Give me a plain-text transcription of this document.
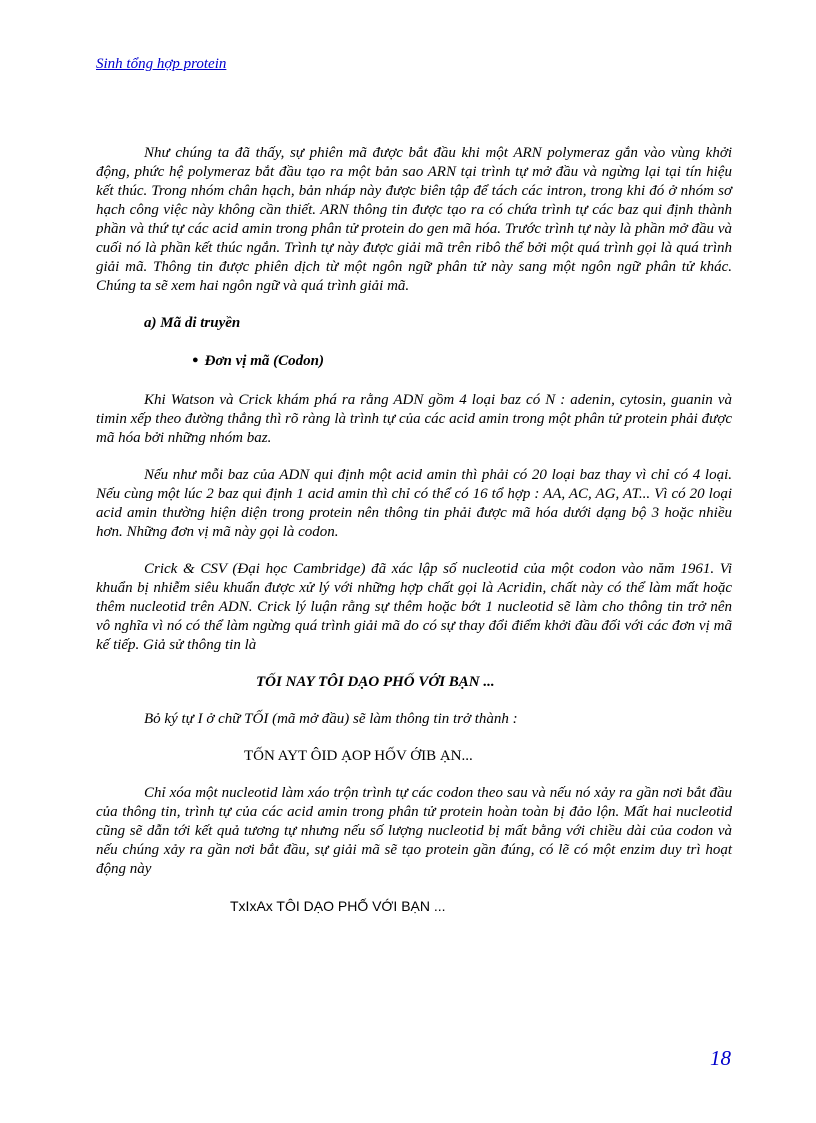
Sinh tổng hợp protein

Như chúng ta đã thấy, sự phiên mã được bắt đầu khi một ARN polymeraz gắn vào vùng khởi động, phức hệ polymeraz bắt đầu tạo ra một bản sao ARN tại trình tự mở đầu và ngừng lại tại tín hiệu kết thúc. Trong nhóm chân hạch, bản nháp này được biên tập để tách các intron, trong khi đó ở nhóm sơ hạch công việc này không cần thiết. ARN thông tin được tạo ra có chứa trình tự các baz qui định thành phần và thứ tự các acid amin trong phân tử protein do gen mã hóa. Trước trình tự này là phần mở đầu và cuối nó là phần kết thúc ngắn. Trình tự này được giải mã trên ribô thể bởi một quá trình gọi là quá trình giải mã. Thông tin được phiên dịch từ một ngôn ngữ phân tử này sang một ngôn ngữ phân tử khác. Chúng ta sẽ xem hai ngôn ngữ và quá trình giải mã.

a) Mã di truyền

● Đơn vị mã (Codon)

Khi Watson và Crick khám phá ra rằng ADN gồm 4 loại baz có N : adenin, cytosin, guanin và timin xếp theo đường thẳng thì rõ ràng là trình tự của các acid amin trong một phân tử protein phải được mã hóa bởi những nhóm baz.

Nếu như mỗi baz của ADN qui định một acid amin thì phải có 20 loại baz thay vì chỉ có 4 loại. Nếu cùng một lúc 2 baz qui định 1 acid amin thì chỉ có thể có 16 tổ hợp : AA, AC, AG, AT... Vì có 20 loại acid amin thường hiện diện trong protein nên thông tin phải được mã hóa dưới dạng bộ 3 hoặc nhiều hơn. Những đơn vị mã này gọi là codon.

Crick & CSV (Đại học Cambridge) đã xác lập số nucleotid của một codon vào năm 1961. Vi khuẩn bị nhiễm siêu khuẩn được xử lý với những hợp chất gọi là Acridin, chất này có thể làm mất hoặc thêm nucleotid trên ADN. Crick lý luận rằng sự thêm hoặc bớt 1 nucleotid sẽ làm cho thông tin trở nên vô nghĩa vì nó có thể làm ngừng quá trình giải mã do có sự thay đổi điểm khởi đầu đối với các đơn vị mã kế tiếp. Giả sử thông tin là

TỐI NAY TÔI DẠO PHỐ VỚI BẠN ...

Bỏ ký tự I ở chữ TỐI (mã mở đầu) sẽ làm thông tin trở thành :

TỐN AYT ÔID ẠOP HỐV ỚIB ẠN...

Chỉ xóa một nucleotid làm xáo trộn trình tự các codon theo sau và nếu nó xảy ra gần nơi bắt đầu của thông tin, trình tự của các acid amin trong phân tử protein hoàn toàn bị đảo lộn. Mất hai nucleotid cũng sẽ dẫn tới kết quả tương tự nhưng nếu số lượng nucleotid bị mất bằng với chiều dài của codon và nếu chúng xảy ra gần nơi bắt đầu, sự giải mã sẽ tạo protein gần đúng, có lẽ có một enzim duy trì hoạt động này

TxIxAx TÔI DẠO PHỐ VỚI BẠN ...

18
